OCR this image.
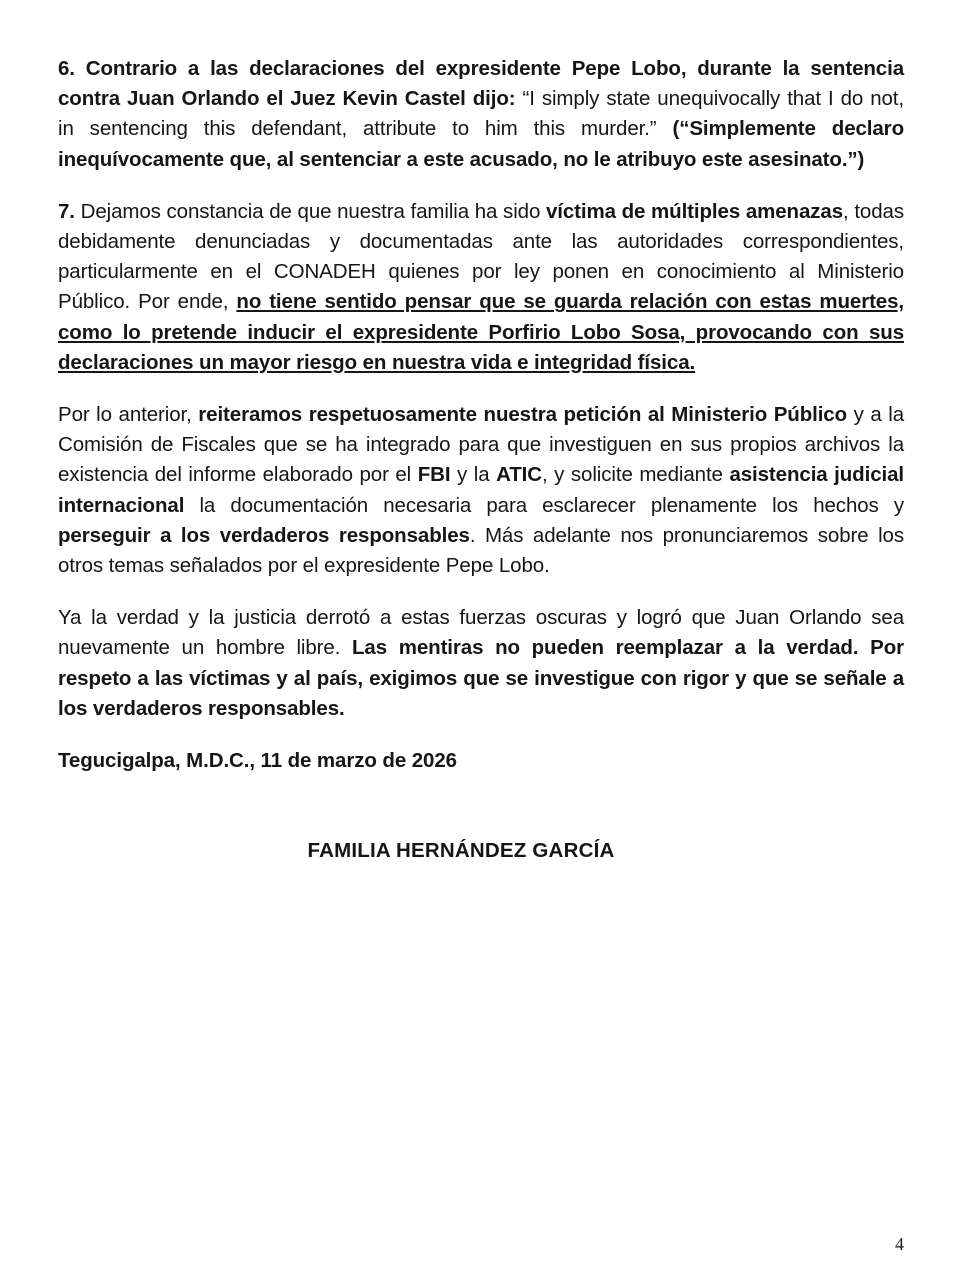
6. Contrario a las declaraciones del expresidente Pepe Lobo, durante la sentencia contra Juan Orlando el Juez Kevin Castel dijo: “I simply state unequivocally that I do not, in sentencing this defendant, attribute to him this murder.” (“Simplemente declaro inequívocamente que, al sentenciar a este acusado, no le atribuyo este asesinato.”)

7. Dejamos constancia de que nuestra familia ha sido víctima de múltiples amenazas, todas debidamente denunciadas y documentadas ante las autoridades correspondientes, particularmente en el CONADEH quienes por ley ponen en conocimiento al Ministerio Público. Por ende, no tiene sentido pensar que se guarda relación con estas muertes, como lo pretende inducir el expresidente Porfirio Lobo Sosa, provocando con sus declaraciones un mayor riesgo en nuestra vida e integridad física.

Por lo anterior, reiteramos respetuosamente nuestra petición al Ministerio Público y a la Comisión de Fiscales que se ha integrado para que investiguen en sus propios archivos la existencia del informe elaborado por el FBI y la ATIC, y solicite mediante asistencia judicial internacional la documentación necesaria para esclarecer plenamente los hechos y perseguir a los verdaderos responsables. Más adelante nos pronunciaremos sobre los otros temas señalados por el expresidente Pepe Lobo.

Ya la verdad y la justicia derrotó a estas fuerzas oscuras y logró que Juan Orlando sea nuevamente un hombre libre. Las mentiras no pueden reemplazar a la verdad. Por respeto a las víctimas y al país, exigimos que se investigue con rigor y que se señale a los verdaderos responsables.

Tegucigalpa, M.D.C., 11 de marzo de 2026

FAMILIA HERNÁNDEZ GARCÍA

4
